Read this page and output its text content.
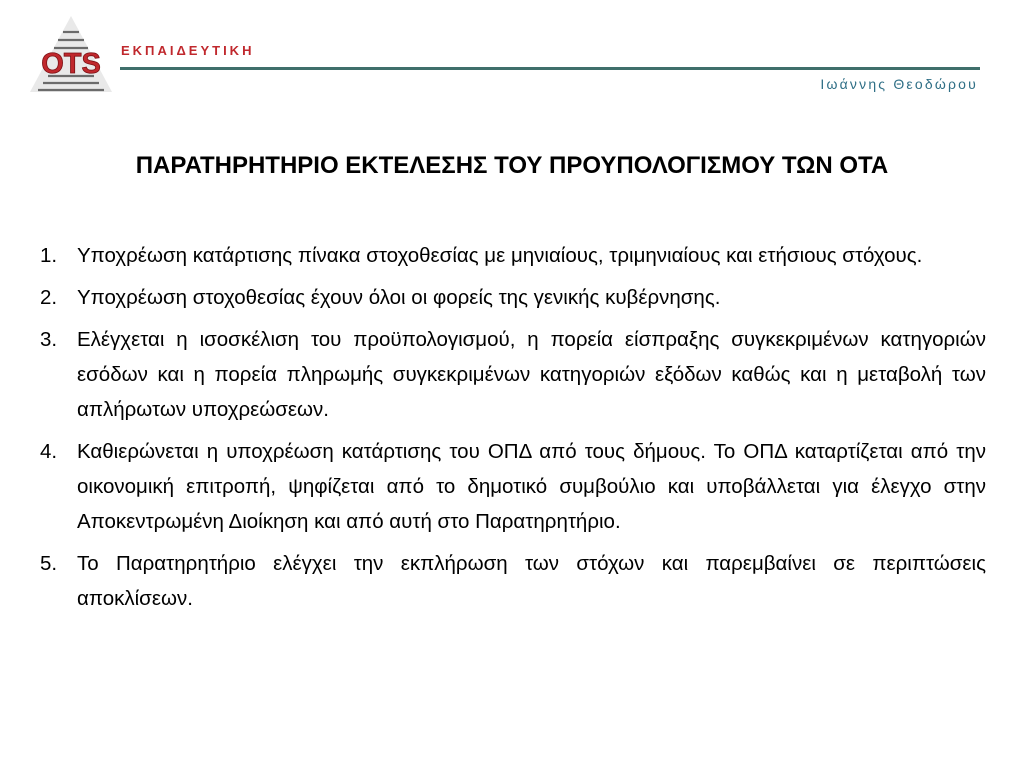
OTS ΕΚΠΑΙΔΕΥΤΙΚΗ
Ιωάννης Θεοδώρου
ΠΑΡΑΤΗΡΗΤΗΡΙΟ ΕΚΤΕΛΕΣΗΣ ΤΟΥ ΠΡΟΥΠΟΛΟΓΙΣΜΟΥ ΤΩΝ ΟΤΑ
1. Υποχρέωση κατάρτισης πίνακα στοχοθεσίας με μηνιαίους, τριμηνιαίους και ετήσιους στόχους.
2. Υποχρέωση στοχοθεσίας έχουν όλοι οι φορείς της γενικής κυβέρνησης.
3. Ελέγχεται η ισοσκέλιση του προϋπολογισμού, η πορεία είσπραξης συγκεκριμένων κατηγοριών εσόδων και η πορεία πληρωμής συγκεκριμένων κατηγοριών εξόδων καθώς και η μεταβολή των απλήρωτων υποχρεώσεων.
4. Καθιερώνεται η υποχρέωση κατάρτισης του ΟΠΔ από τους δήμους. Το ΟΠΔ καταρτίζεται από την οικονομική επιτροπή, ψηφίζεται από το δημοτικό συμβούλιο και υποβάλλεται για έλεγχο στην Αποκεντρωμένη Διοίκηση και από αυτή στο Παρατηρητήριο.
5. Το Παρατηρητήριο ελέγχει την εκπλήρωση των στόχων και παρεμβαίνει σε περιπτώσεις αποκλίσεων.
